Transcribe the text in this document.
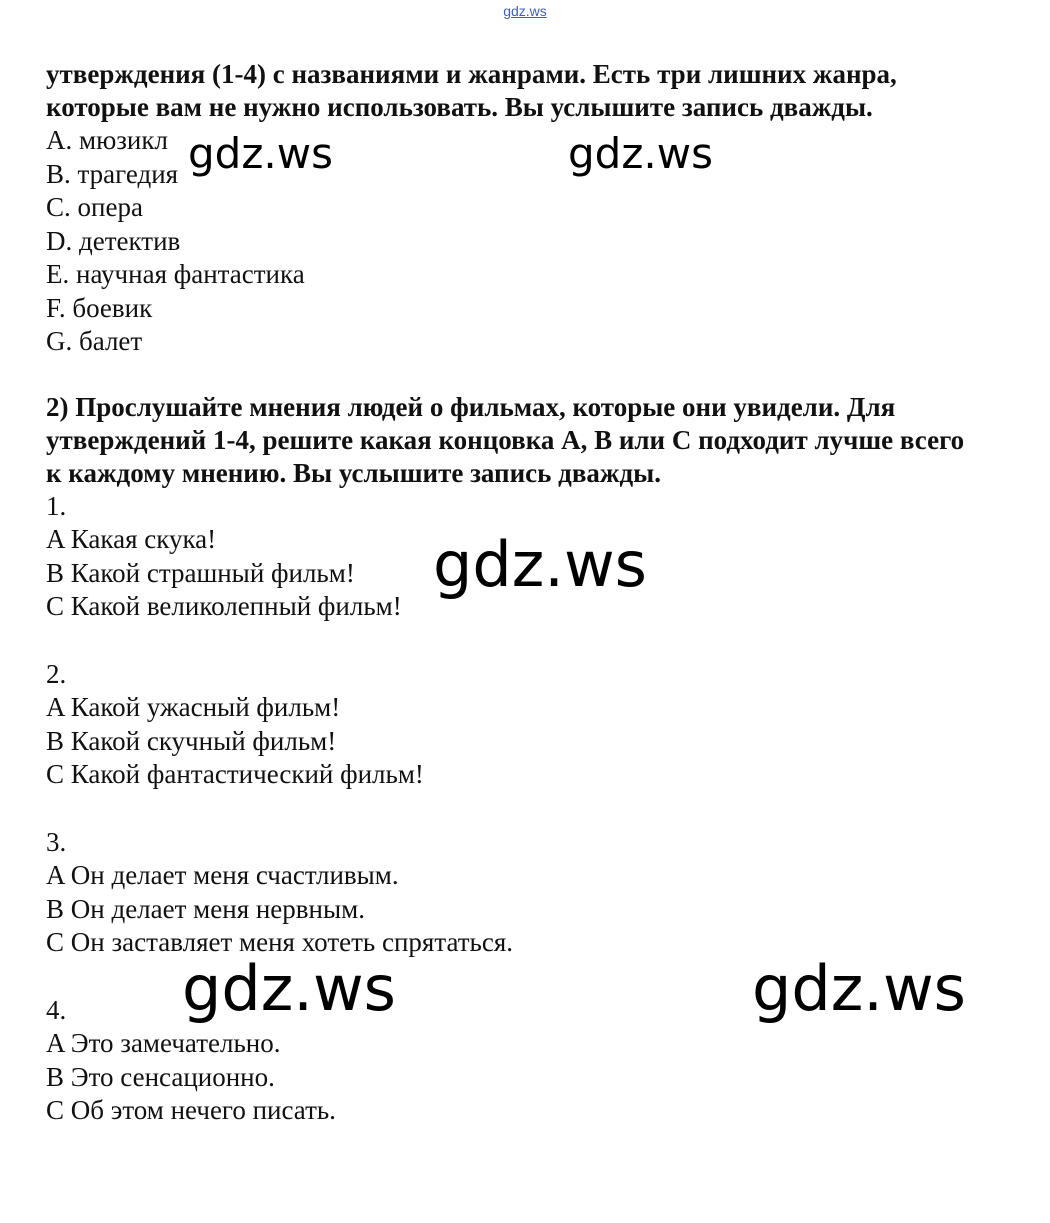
gdz.ws

утверждения (1-4) с названиями и жанрами. Есть три лишних жанра, которые вам не нужно использовать. Вы услышите запись дважды.

A. мюзикл

B. трагедия

C. опера

D. детектив

E. научная фантастика

F. боевик

G. балет

2) Прослушайте мнения людей о фильмах, которые они увидели. Для утверждений 1-4, решите какая концовка A, B или C подходит лучше всего к каждому мнению. Вы услышите запись дважды.

1.

A Какая скука!

B Какой страшный фильм!

C Какой великолепный фильм!

2.

A Какой ужасный фильм!

B Какой скучный фильм!

C Какой фантастический фильм!

3.

A Он делает меня счастливым.

B Он делает меня нервным.

C Он заставляет меня хотеть спрятаться.

4.

A Это замечательно.

B Это сенсационно.

C Об этом нечего писать.

gdz.ws	gdz.ws
gdz.ws
gdz.ws	gdz.ws
